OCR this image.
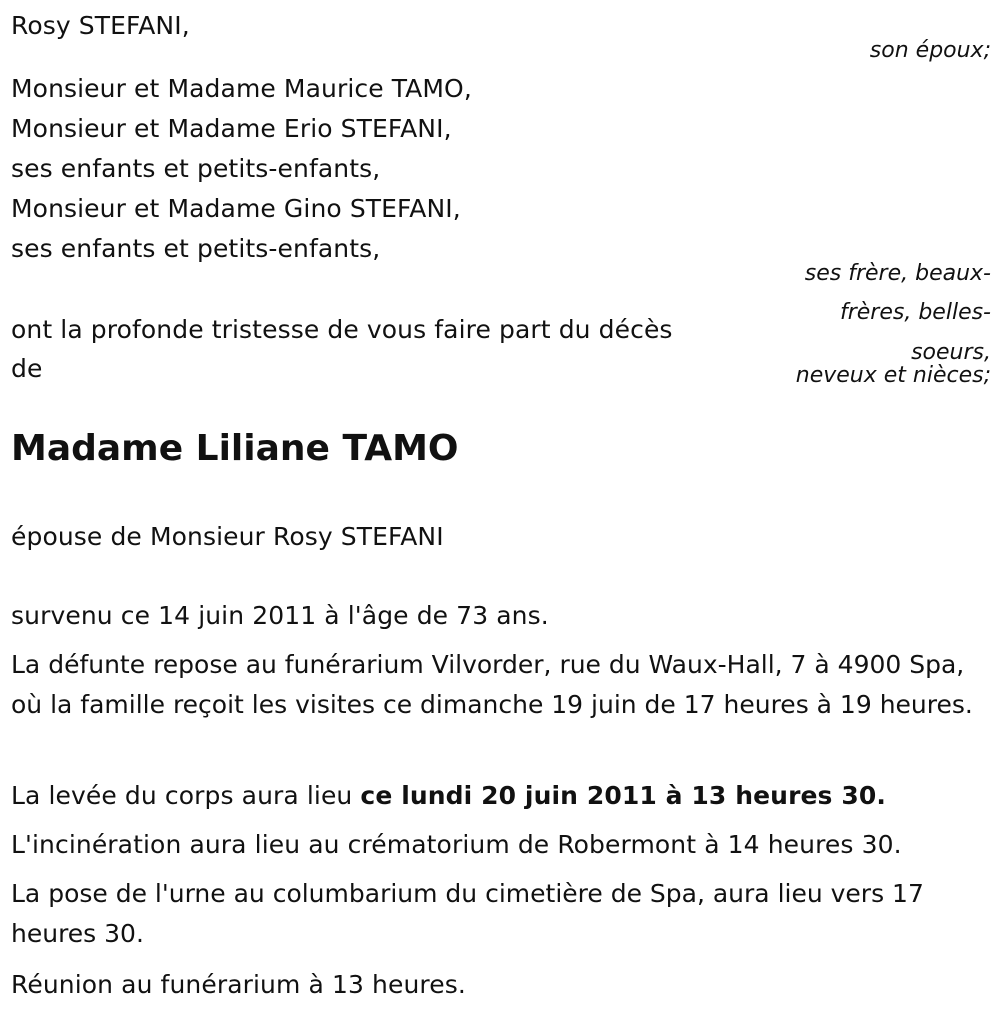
Rosy STEFANI,
son époux;
Monsieur et Madame Maurice TAMO,
Monsieur et Madame Erio STEFANI,
ses enfants et petits-enfants,
Monsieur et Madame Gino STEFANI,
ses enfants et petits-enfants,
ses frère, beaux-
frères, belles-
soeurs,
neveux et nièces;
ont la profonde tristesse de vous faire part du décès
de
Madame Liliane TAMO
épouse de Monsieur Rosy STEFANI
survenu ce 14 juin 2011 à l'âge de 73 ans.
La défunte repose au funérarium Vilvorder, rue du Waux-Hall, 7 à 4900 Spa, où la famille reçoit les visites ce dimanche 19 juin de 17 heures à 19 heures.
La levée du corps aura lieu ce lundi 20 juin 2011 à 13 heures 30.
L'incinération aura lieu au crématorium de Robermont à 14 heures 30.
La pose de l'urne au columbarium du cimetière de Spa, aura lieu vers 17 heures 30.
Réunion au funérarium à 13 heures.
